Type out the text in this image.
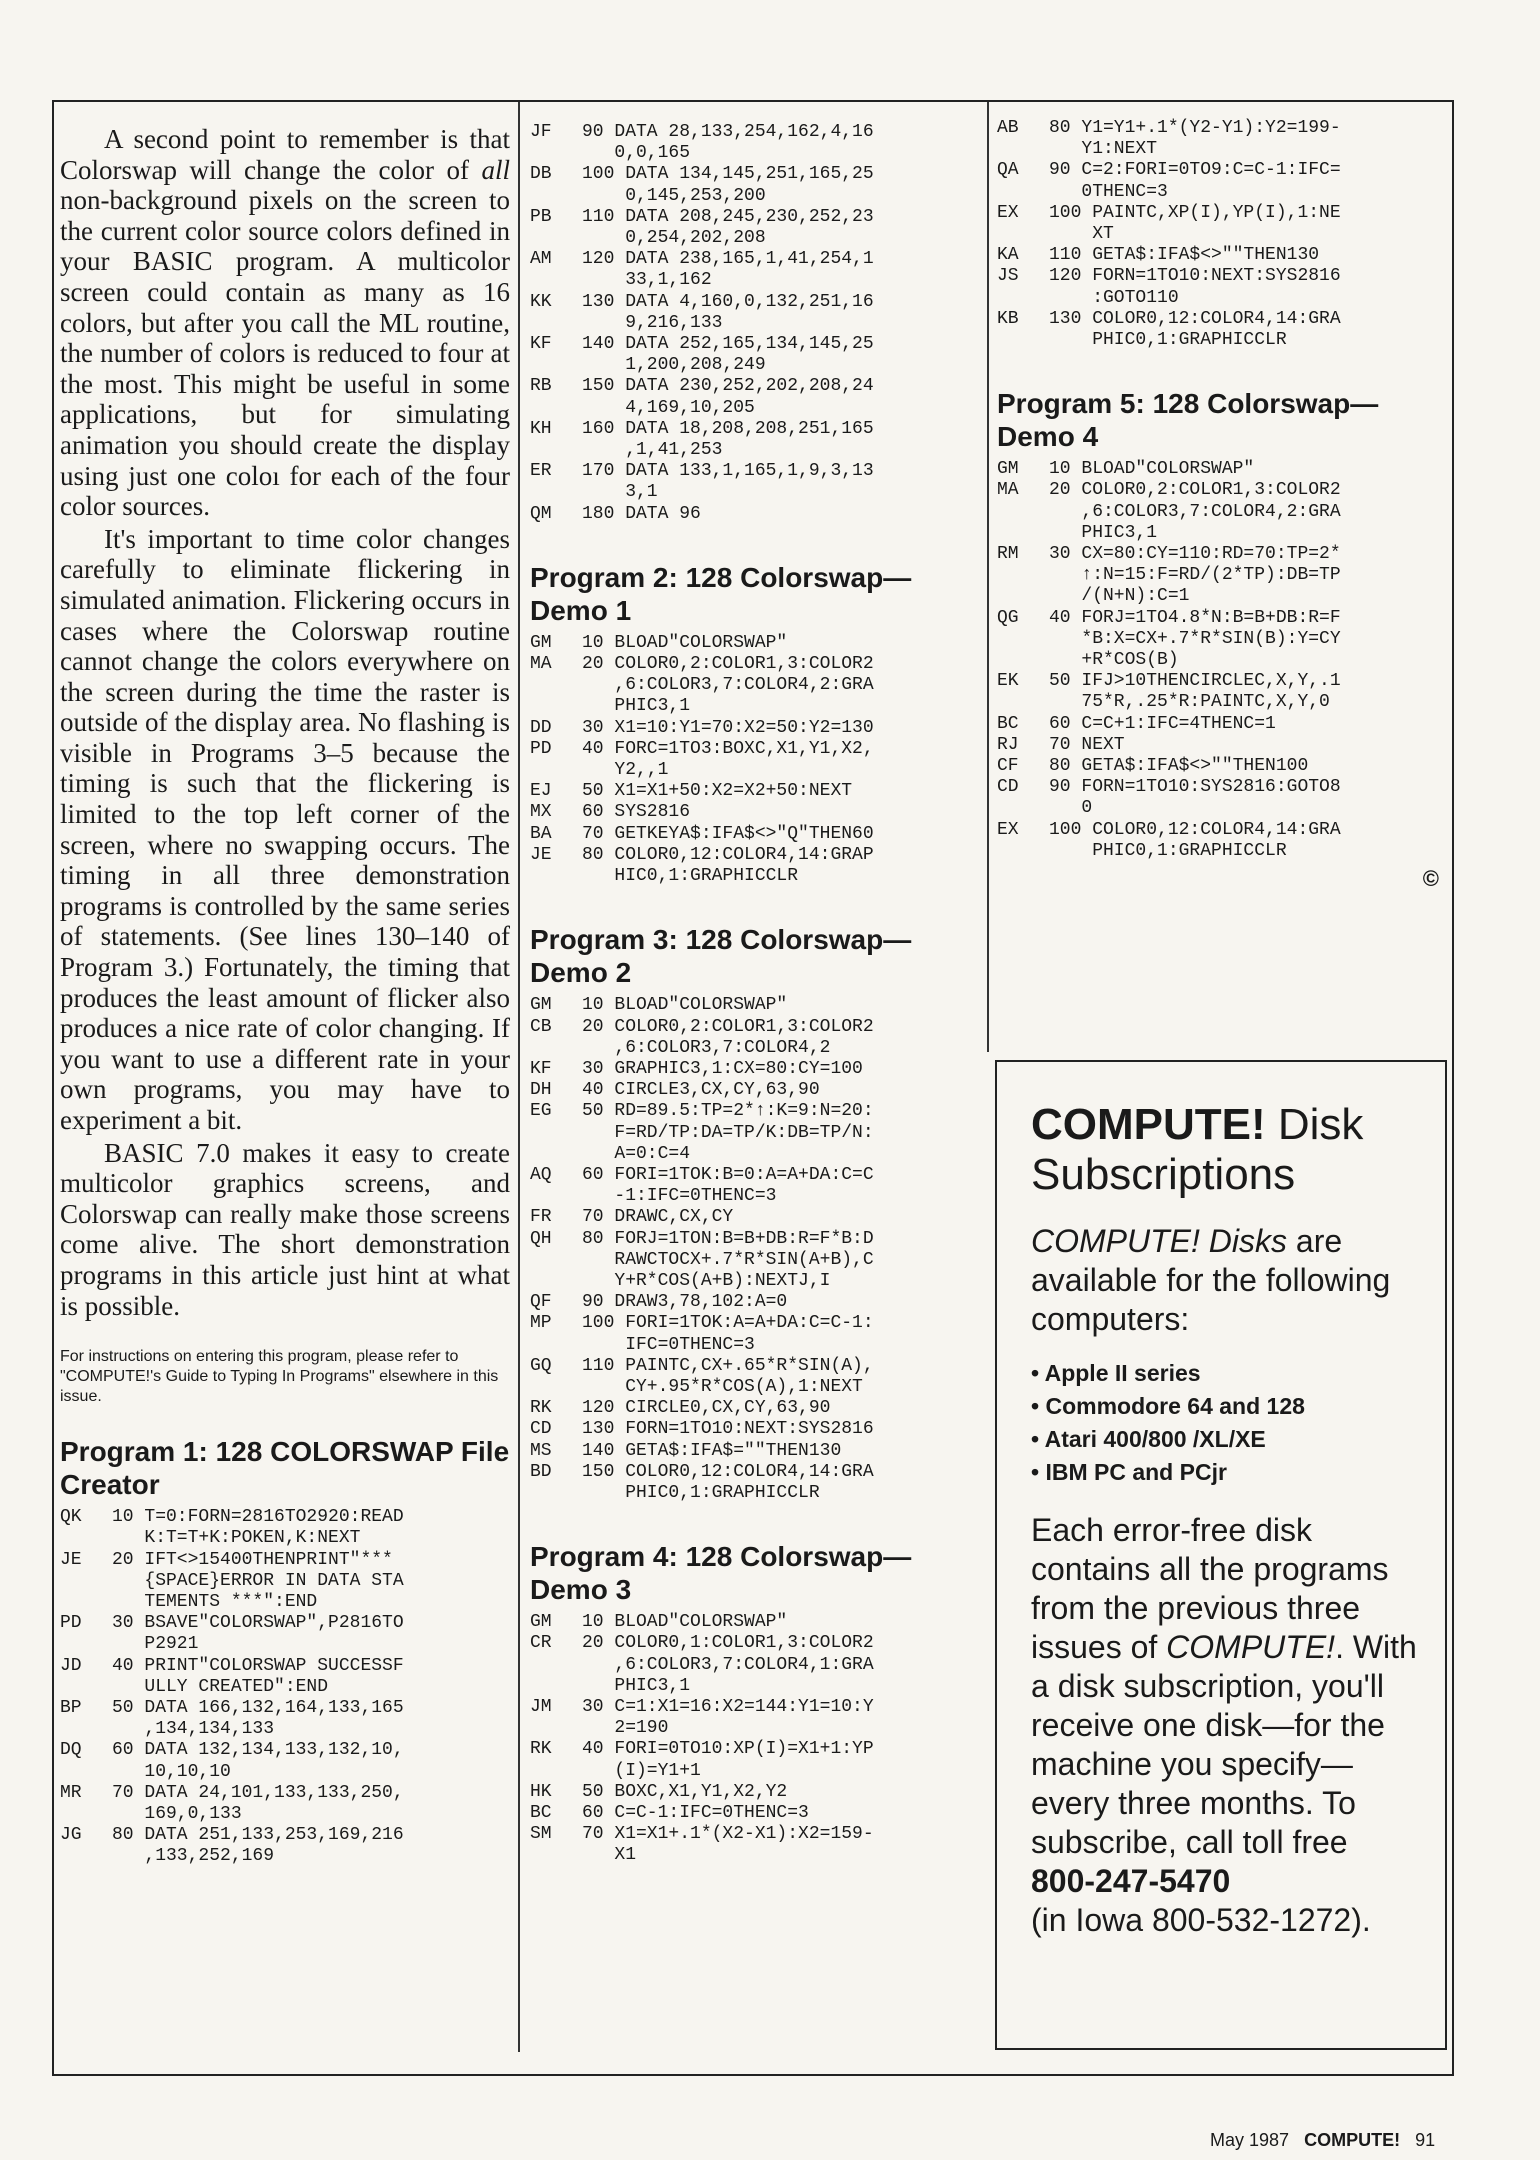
A second point to remember is that Colorswap will change the color of all non-background pixels on the screen to the current color source colors defined in your BASIC program. A multicolor screen could contain as many as 16 colors, but after you call the ML routine, the number of colors is reduced to four at the most. This might be useful in some applications, but for simulating animation you should create the display using just one coloı for each of the four color sources.

It's important to time color changes carefully to eliminate flickering in simulated animation. Flickering occurs in cases where the Colorswap routine cannot change the colors everywhere on the screen during the time the raster is outside of the display area. No flashing is visible in Programs 3–5 because the timing is such that the flickering is limited to the top left corner of the screen, where no swapping occurs. The timing in all three demonstration programs is controlled by the same series of statements. (See lines 130–140 of Program 3.) Fortunately, the timing that produces the least amount of flicker also produces a nice rate of color changing. If you want to use a different rate in your own programs, you may have to experiment a bit.

BASIC 7.0 makes it easy to create multicolor graphics screens, and Colorswap can really make those screens come alive. The short demonstration programs in this article just hint at what is possible.

For instructions on entering this program, please refer to "COMPUTE!'s Guide to Typing In Programs" elsewhere in this issue.
Program 1: 128 COLORSWAP File Creator
QK	10 T=0:FORN=2816TO2920:READ
K:T=T+K:POKEN,K:NEXT
JE	20 IFT<>15400THENPRINT"***
{SPACE}ERROR IN DATA STA
TEMENTS ***":END
PD	30 BSAVE"COLORSWAP",P2816TO
P2921
JD	40 PRINT"COLORSWAP SUCCESSF
ULLY CREATED":END
BP	50 DATA 166,132,164,133,165
,134,134,133
DQ	60 DATA 132,134,133,132,10,
10,10,10
MR	70 DATA 24,101,133,133,250,
169,0,133
JG	80 DATA 251,133,253,169,216
,133,252,169
JF	90 DATA 28,133,254,162,4,16
0,0,165
DB	100 DATA 134,145,251,165,25
0,145,253,200
PB	110 DATA 208,245,230,252,23
0,254,202,208
AM	120 DATA 238,165,1,41,254,1
33,1,162
KK	130 DATA 4,160,0,132,251,16
9,216,133
KF	140 DATA 252,165,134,145,25
1,200,208,249
RB	150 DATA 230,252,202,208,24
4,169,10,205
KH	160 DATA 18,208,208,251,165
,1,41,253
ER	170 DATA 133,1,165,1,9,3,13
3,1
QM	180 DATA 96
Program 2: 128 Colorswap— Demo 1
GM	10 BLOAD"COLORSWAP"
MA	20 COLOR0,2:COLOR1,3:COLOR2
,6:COLOR3,7:COLOR4,2:GRA
PHIC3,1
DD	30 X1=10:Y1=70:X2=50:Y2=130
PD	40 FORC=1TO3:BOXC,X1,Y1,X2,
Y2,,1
EJ	50 X1=X1+50:X2=X2+50:NEXT
MX	60 SYS2816
BA	70 GETKEYA$:IFA$<>"Q"THEN60
JE	80 COLOR0,12:COLOR4,14:GRAP
HIC0,1:GRAPHICCLR
Program 3: 128 Colorswap— Demo 2
GM	10 BLOAD"COLORSWAP"
CB	20 COLOR0,2:COLOR1,3:COLOR2
,6:COLOR3,7:COLOR4,2
KF	30 GRAPHIC3,1:CX=80:CY=100
DH	40 CIRCLE3,CX,CY,63,90
EG	50 RD=89.5:TP=2*↑:K=9:N=20:
F=RD/TP:DA=TP/K:DB=TP/N:
A=0:C=4
AQ	60 FORI=1TOK:B=0:A=A+DA:C=C
-1:IFC=0THENC=3
FR	70 DRAWC,CX,CY
QH	80 FORJ=1TON:B=B+DB:R=F*B:D
RAWCTOCX+.7*R*SIN(A+B),C
Y+R*COS(A+B):NEXTJ,I
QF	90 DRAW3,78,102:A=0
MP	100 FORI=1TOK:A=A+DA:C=C-1:
IFC=0THENC=3
GQ	110 PAINTC,CX+.65*R*SIN(A),
CY+.95*R*COS(A),1:NEXT
RK	120 CIRCLE0,CX,CY,63,90
CD	130 FORN=1TO10:NEXT:SYS2816
MS	140 GETA$:IFA$=""THEN130
BD	150 COLOR0,12:COLOR4,14:GRA
PHIC0,1:GRAPHICCLR
Program 4: 128 Colorswap— Demo 3
GM	10 BLOAD"COLORSWAP"
CR	20 COLOR0,1:COLOR1,3:COLOR2
,6:COLOR3,7:COLOR4,1:GRA
PHIC3,1
JM	30 C=1:X1=16:X2=144:Y1=10:Y
2=190
RK	40 FORI=0TO10:XP(I)=X1+1:YP
(I)=Y1+1
HK	50 BOXC,X1,Y1,X2,Y2
BC	60 C=C-1:IFC=0THENC=3
SM	70 X1=X1+.1*(X2-X1):X2=159-
X1
AB	80 Y1=Y1+.1*(Y2-Y1):Y2=199-
Y1:NEXT
QA	90 C=2:FORI=0TO9:C=C-1:IFC=
0THENC=3
EX	100 PAINTC,XP(I),YP(I),1:NE
XT
KA	110 GETA$:IFA$<>""THEN130
JS	120 FORN=1TO10:NEXT:SYS2816
:GOTO110
KB	130 COLOR0,12:COLOR4,14:GRA
PHIC0,1:GRAPHICCLR
Program 5: 128 Colorswap— Demo 4
GM	10 BLOAD"COLORSWAP"
MA	20 COLOR0,2:COLOR1,3:COLOR2
,6:COLOR3,7:COLOR4,2:GRA
PHIC3,1
RM	30 CX=80:CY=110:RD=70:TP=2*
↑:N=15:F=RD/(2*TP):DB=TP
/(N+N):C=1
QG	40 FORJ=1TO4.8*N:B=B+DB:R=F
*B:X=CX+.7*R*SIN(B):Y=CY
+R*COS(B)
EK	50 IFJ>10THENCIRCLEC,X,Y,.1
75*R,.25*R:PAINTC,X,Y,0
BC	60 C=C+1:IFC=4THENC=1
RJ	70 NEXT
CF	80 GETA$:IFA$<>""THEN100
CD	90 FORN=1TO10:SYS2816:GOTO8
0
EX	100 COLOR0,12:COLOR4,14:GRA
PHIC0,1:GRAPHICCLR
©
COMPUTE! Disk Subscriptions
COMPUTE! Disks are available for the following computers:
• Apple II series
• Commodore 64 and 128
• Atari 400/800 /XL/XE
• IBM PC and PCjr
Each error-free disk contains all the programs from the previous three issues of COMPUTE!. With a disk subscription, you'll receive one disk—for the machine you specify—every three months. To subscribe, call toll free
800-247-5470
(in Iowa 800-532-1272).
May 1987 COMPUTE! 91
